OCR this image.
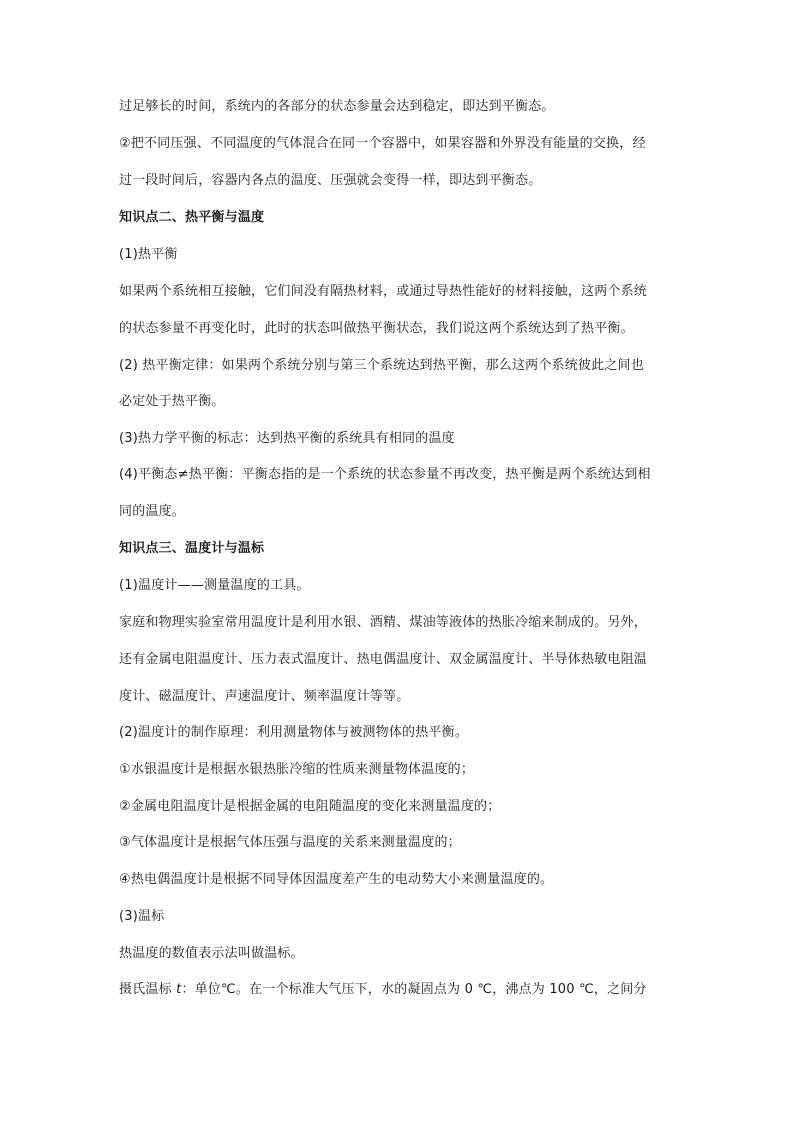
过足够长的时间，系统内的各部分的状态参量会达到稳定，即达到平衡态。
②把不同压强、不同温度的气体混合在同一个容器中，如果容器和外界没有能量的交换，经
过一段时间后，容器内各点的温度、压强就会变得一样，即达到平衡态。
知识点二、热平衡与温度
(1)热平衡
如果两个系统相互接触，它们间没有隔热材料，或通过导热性能好的材料接触，这两个系统
的状态参量不再变化时，此时的状态叫做热平衡状态，我们说这两个系统达到了热平衡。
(2) 热平衡定律：如果两个系统分别与第三个系统达到热平衡，那么这两个系统彼此之间也
必定处于热平衡。
(3)热力学平衡的标志：达到热平衡的系统具有相同的温度
(4)平衡态≠热平衡：平衡态指的是一个系统的状态参量不再改变，热平衡是两个系统达到相
同的温度。
知识点三、温度计与温标
(1)温度计——测量温度的工具。
家庭和物理实验室常用温度计是利用水银、酒精、煤油等液体的热胀冷缩来制成的。另外，
还有金属电阻温度计、压力表式温度计、热电偶温度计、双金属温度计、半导体热敏电阻温
度计、磁温度计、声速温度计、频率温度计等等。
(2)温度计的制作原理：利用测量物体与被测物体的热平衡。
①水银温度计是根据水银热胀冷缩的性质来测量物体温度的；
②金属电阻温度计是根据金属的电阻随温度的变化来测量温度的；
③气体温度计是根据气体压强与温度的关系来测量温度的；
④热电偶温度计是根据不同导体因温度差产生的电动势大小来测量温度的。
(3)温标
热温度的数值表示法叫做温标。
摄氏温标 t：单位℃。在一个标准大气压下，水的凝固点为 0 ℃，沸点为 100 ℃，之间分
